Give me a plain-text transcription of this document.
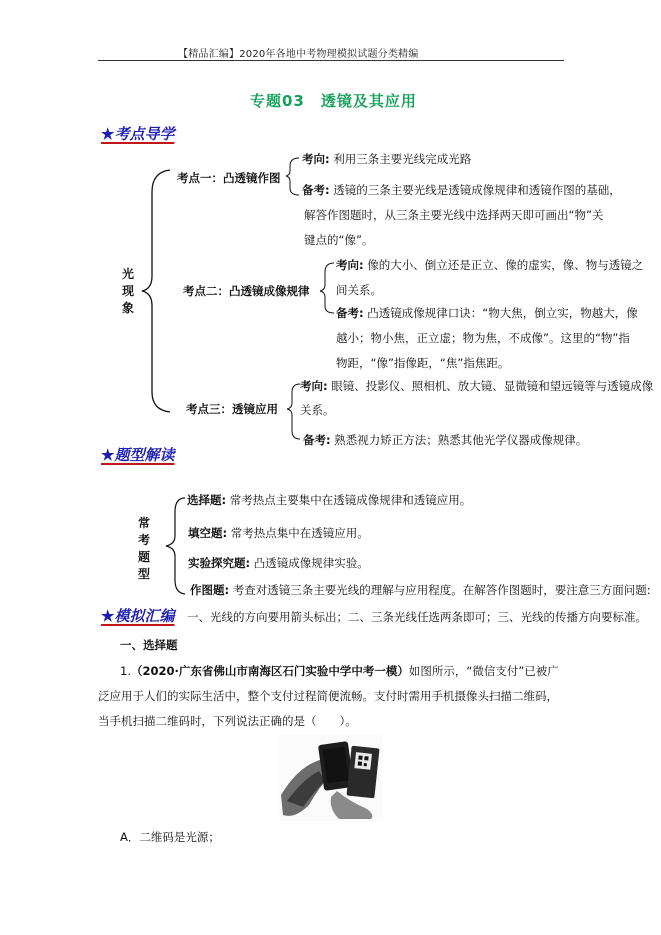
【精品汇编】2020年各地中考物理模拟试题分类精编
专题03　透镜及其应用
★考点导学
光
现
象
考点一：凸透镜作图
考向: 利用三条主要光线完成光路
备考: 透镜的三条主要光线是透镜成像规律和透镜作图的基础，
解答作图题时，从三条主要光线中选择两天即可画出“物”关
键点的“像”。
考点二：凸透镜成像规律
考向: 像的大小、倒立还是正立、像的虚实，像、物与透镜之
间关系。
备考: 凸透镜成像规律口诀：“物大焦，倒立实，物越大，像
越小；物小焦，正立虚；物为焦，不成像”。这里的“物”指
物距，“像”指像距，“焦”指焦距。
考点三：透镜应用
考向: 眼镜、投影仪、照相机、放大镜、显微镜和望远镜等与透镜成像
关系。
备考: 熟悉视力矫正方法；熟悉其他光学仪器成像规律。
★题型解读
常
考
题
型
选择题: 常考热点主要集中在透镜成像规律和透镜应用。
填空题: 常考热点集中在透镜应用。
实验探究题: 凸透镜成像规律实验。
作图题: 考查对透镜三条主要光线的理解与应用程度。在解答作图题时，要注意三方面问题:
★模拟汇编 一、光线的方向要用箭头标出；二、三条光线任选两条即可；三、光线的传播方向要标准。
一、选择题
1.（2020·广东省佛山市南海区石门实验中学中考一模）如图所示，“微信支付”已被广
泛应用于人们的实际生活中，整个支付过程简便流畅。支付时需用手机摄像头扫描二维码，
当手机扫描二维码时，下列说法正确的是（　　）。
A．二维码是光源；
